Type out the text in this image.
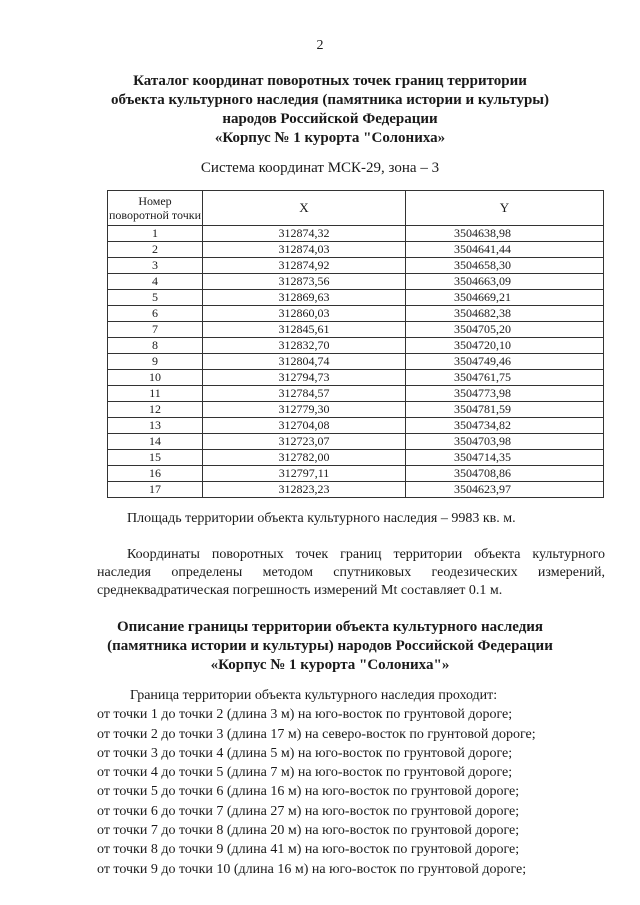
2
Каталог координат поворотных точек границ территории
объекта культурного наследия (памятника истории и культуры)
народов Российской Федерации
«Корпус № 1 курорта "Солониха»
Система координат МСК-29, зона – 3
Номер поворотной точки	X	Y
1	312874,32	3504638,98
2	312874,03	3504641,44
3	312874,92	3504658,30
4	312873,56	3504663,09
5	312869,63	3504669,21
6	312860,03	3504682,38
7	312845,61	3504705,20
8	312832,70	3504720,10
9	312804,74	3504749,46
10	312794,73	3504761,75
11	312784,57	3504773,98
12	312779,30	3504781,59
13	312704,08	3504734,82
14	312723,07	3504703,98
15	312782,00	3504714,35
16	312797,11	3504708,86
17	312823,23	3504623,97
Площадь территории объекта культурного наследия – 9983 кв. м.
Координаты поворотных точек границ территории объекта культурного наследия определены методом спутниковых геодезических измерений, среднеквадратическая погрешность измерений Mt составляет 0.1 м.
Описание границы территории объекта культурного наследия
(памятника истории и культуры) народов Российской Федерации
«Корпус № 1 курорта "Солониха"»
Граница территории объекта культурного наследия проходит:
от точки 1 до точки 2 (длина 3 м) на юго-восток по грунтовой дороге;
от точки 2 до точки 3 (длина 17 м) на северо-восток по грунтовой дороге;
от точки 3 до точки 4 (длина 5 м) на юго-восток по грунтовой дороге;
от точки 4 до точки 5 (длина 7 м) на юго-восток по грунтовой дороге;
от точки 5 до точки 6 (длина 16 м) на юго-восток по грунтовой дороге;
от точки 6 до точки 7 (длина 27 м) на юго-восток по грунтовой дороге;
от точки 7 до точки 8 (длина 20 м) на юго-восток по грунтовой дороге;
от точки 8 до точки 9 (длина 41 м) на юго-восток по грунтовой дороге;
от точки 9 до точки 10 (длина 16 м) на юго-восток по грунтовой дороге;
